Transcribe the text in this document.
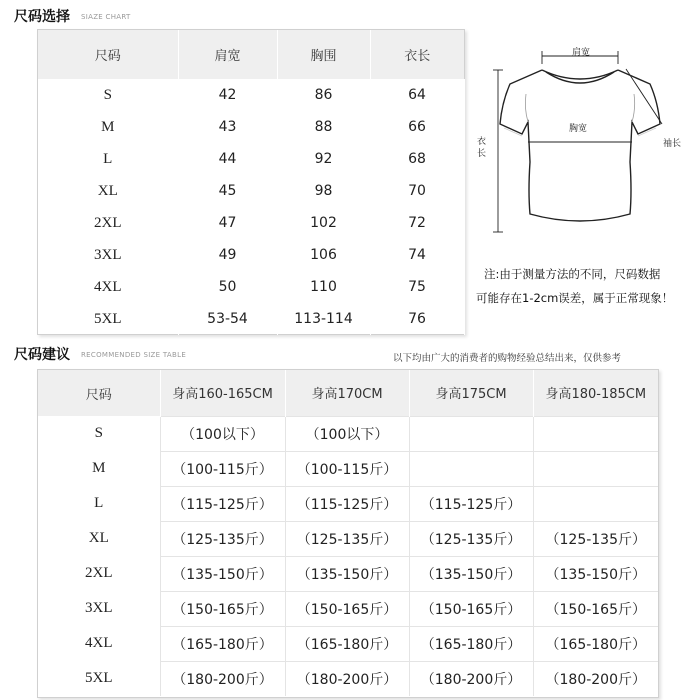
尺码选择 SIAZE CHART
尺码	肩宽	胸围	衣长
S	42	86	64
M	43	88	66
L	44	92	68
XL	45	98	70
2XL	47	102	72
3XL	49	106	74
4XL	50	110	75
5XL	53-54	113-114	76
肩宽
胸宽
衣
长
袖长
注:由于测量方法的不同，尺码数据
可能存在1-2cm误差，属于正常现象！
尺码建议 RECOMMENDED SIZE TABLE	以下均由广大的消费者的购物经验总结出来，仅供参考
尺码	身高160-165CM	身高170CM	身高175CM	身高180-185CM
S	（100以下）	（100以下）		
M	（100-115斤）	（100-115斤）		
L	（115-125斤）	（115-125斤）	（115-125斤）	
XL	（125-135斤）	（125-135斤）	（125-135斤）	（125-135斤）
2XL	（135-150斤）	（135-150斤）	（135-150斤）	（135-150斤）
3XL	（150-165斤）	（150-165斤）	（150-165斤）	（150-165斤）
4XL	（165-180斤）	（165-180斤）	（165-180斤）	（165-180斤）
5XL	（180-200斤）	（180-200斤）	（180-200斤）	（180-200斤）
